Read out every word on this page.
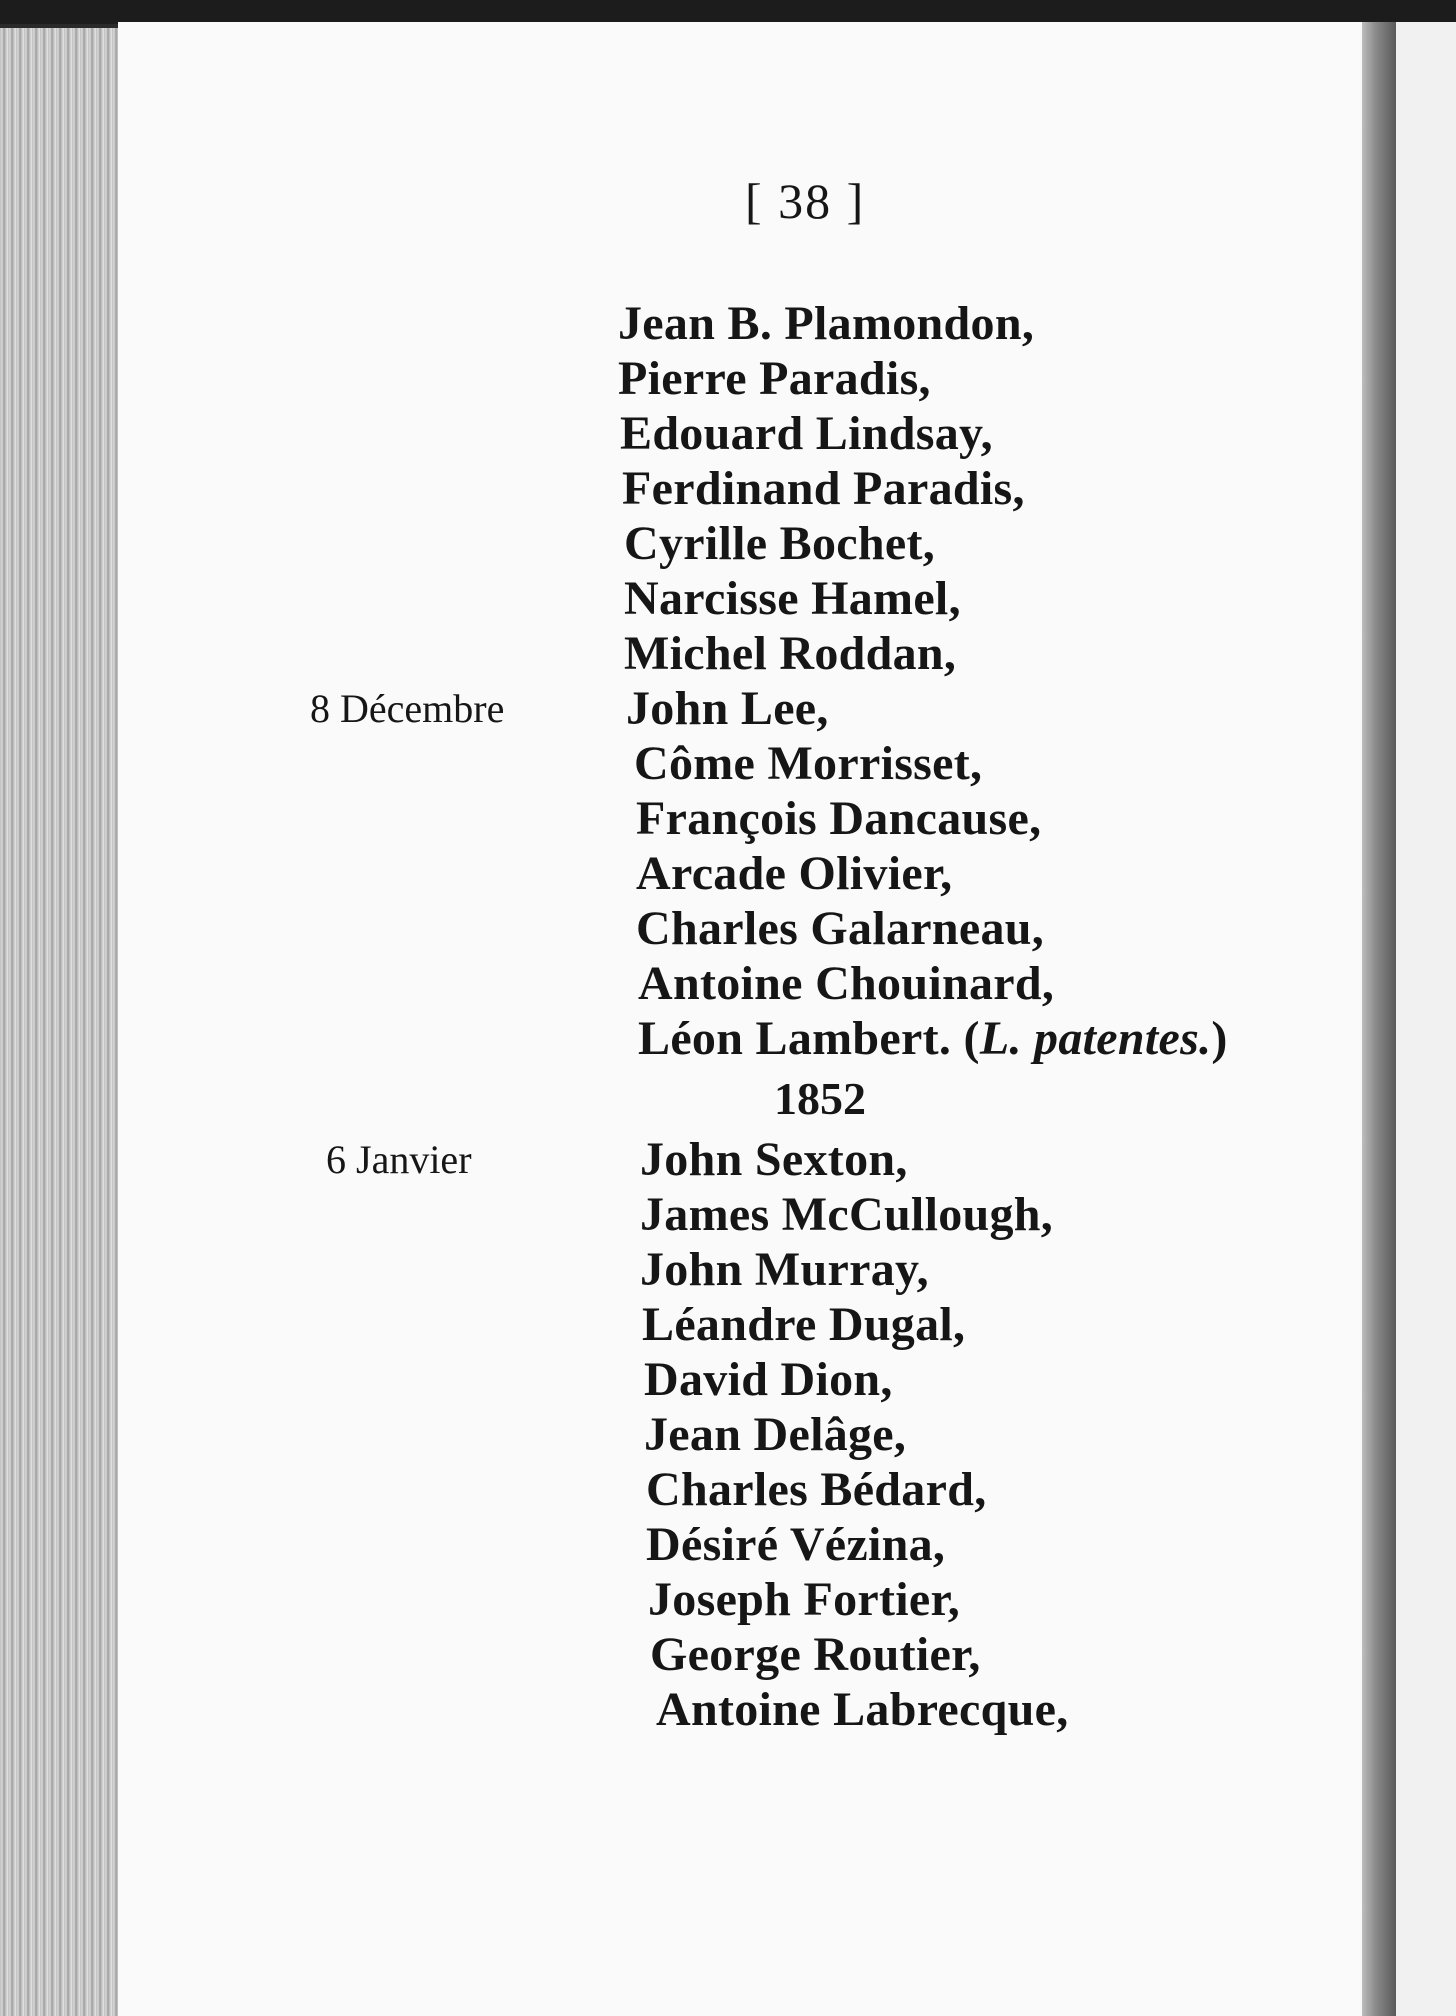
[ 38 ]
Jean B. Plamondon,
Pierre Paradis,
Edouard Lindsay,
Ferdinand Paradis,
Cyrille Bochet,
Narcisse Hamel,
Michel Roddan,
8 Décembre	John Lee,
Côme Morrisset,
François Dancause,
Arcade Olivier,
Charles Galarneau,
Antoine Chouinard,
Léon Lambert. (L. patentes.)
1852
6 Janvier	John Sexton,
James McCullough,
John Murray,
Léandre Dugal,
David Dion,
Jean Delâge,
Charles Bédard,
Désiré Vézina,
Joseph Fortier,
George Routier,
Antoine Labrecque,
